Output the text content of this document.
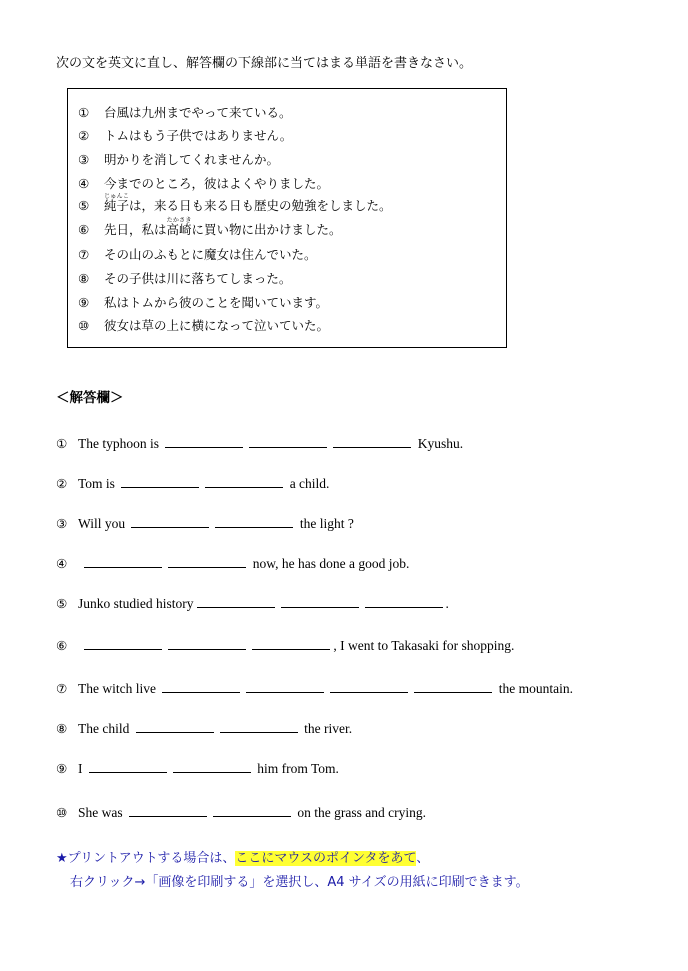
次の文を英文に直し、解答欄の下線部に当てはまる単語を書きなさい。
① 台風は九州までやって来ている。
② トムはもう子供ではありません。
③ 明かりを消してくれませんか。
④ 今までのところ，彼はよくやりました。
⑤ 純子じゅんこは，来る日も来る日も歴史の勉強をしました。
⑥ 先日，私は高崎たかさきに買い物に出かけました。
⑦ その山のふもとに魔女は住んでいた。
⑧ その子供は川に落ちてしまった。
⑨ 私はトムから彼のことを聞いています。
⑩ 彼女は草の上に横になって泣いていた。
＜解答欄＞
① The typhoon is	Kyushu.
② Tom is	a child.
③ Will you	the light ?
④	now, he has done a good job.
⑤ Junko studied history	.
⑥	, I went to Takasaki for shopping.
⑦ The witch live	the mountain.
⑧ The child	the river.
⑨ I	him from Tom.
⑩ She was	on the grass and crying.
★プリントアウトする場合は、ここにマウスのポインタをあて、
右クリック→「画像を印刷する」を選択し、A4 サイズの用紙に印刷できます。
